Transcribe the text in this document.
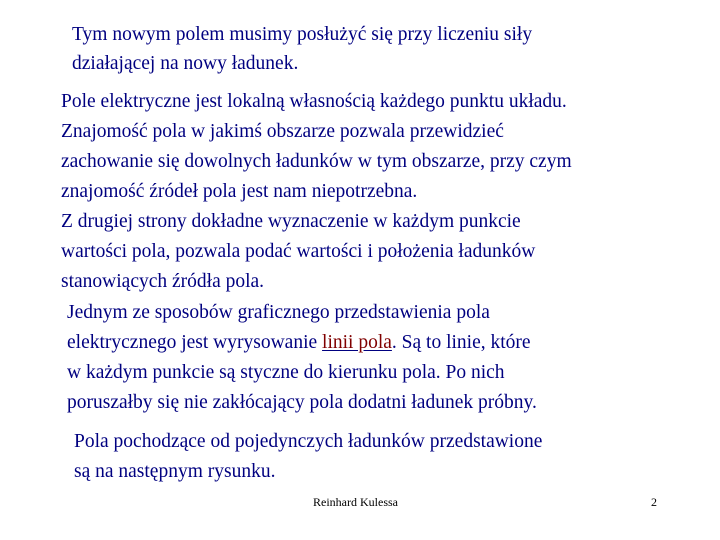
Tym nowym polem musimy posłużyć się przy liczeniu siły
działającej na nowy ładunek.
Pole elektryczne jest lokalną własnością każdego punktu układu.
Znajomość pola w jakimś obszarze pozwala przewidzieć
zachowanie się dowolnych ładunków w tym obszarze, przy czym
znajomość źródeł pola jest nam niepotrzebna.
Z drugiej strony dokładne wyznaczenie w każdym punkcie
wartości pola, pozwala podać wartości i położenia ładunków
stanowiących źródła pola.
Jednym ze sposobów graficznego przedstawienia pola
elektrycznego jest wyrysowanie linii pola. Są to linie, które
w każdym punkcie są styczne do kierunku pola. Po nich
poruszałby się nie zakłócający pola dodatni ładunek próbny.
Pola pochodzące od pojedynczych ładunków przedstawione
są na następnym rysunku.
Reinhard Kulessa	2
